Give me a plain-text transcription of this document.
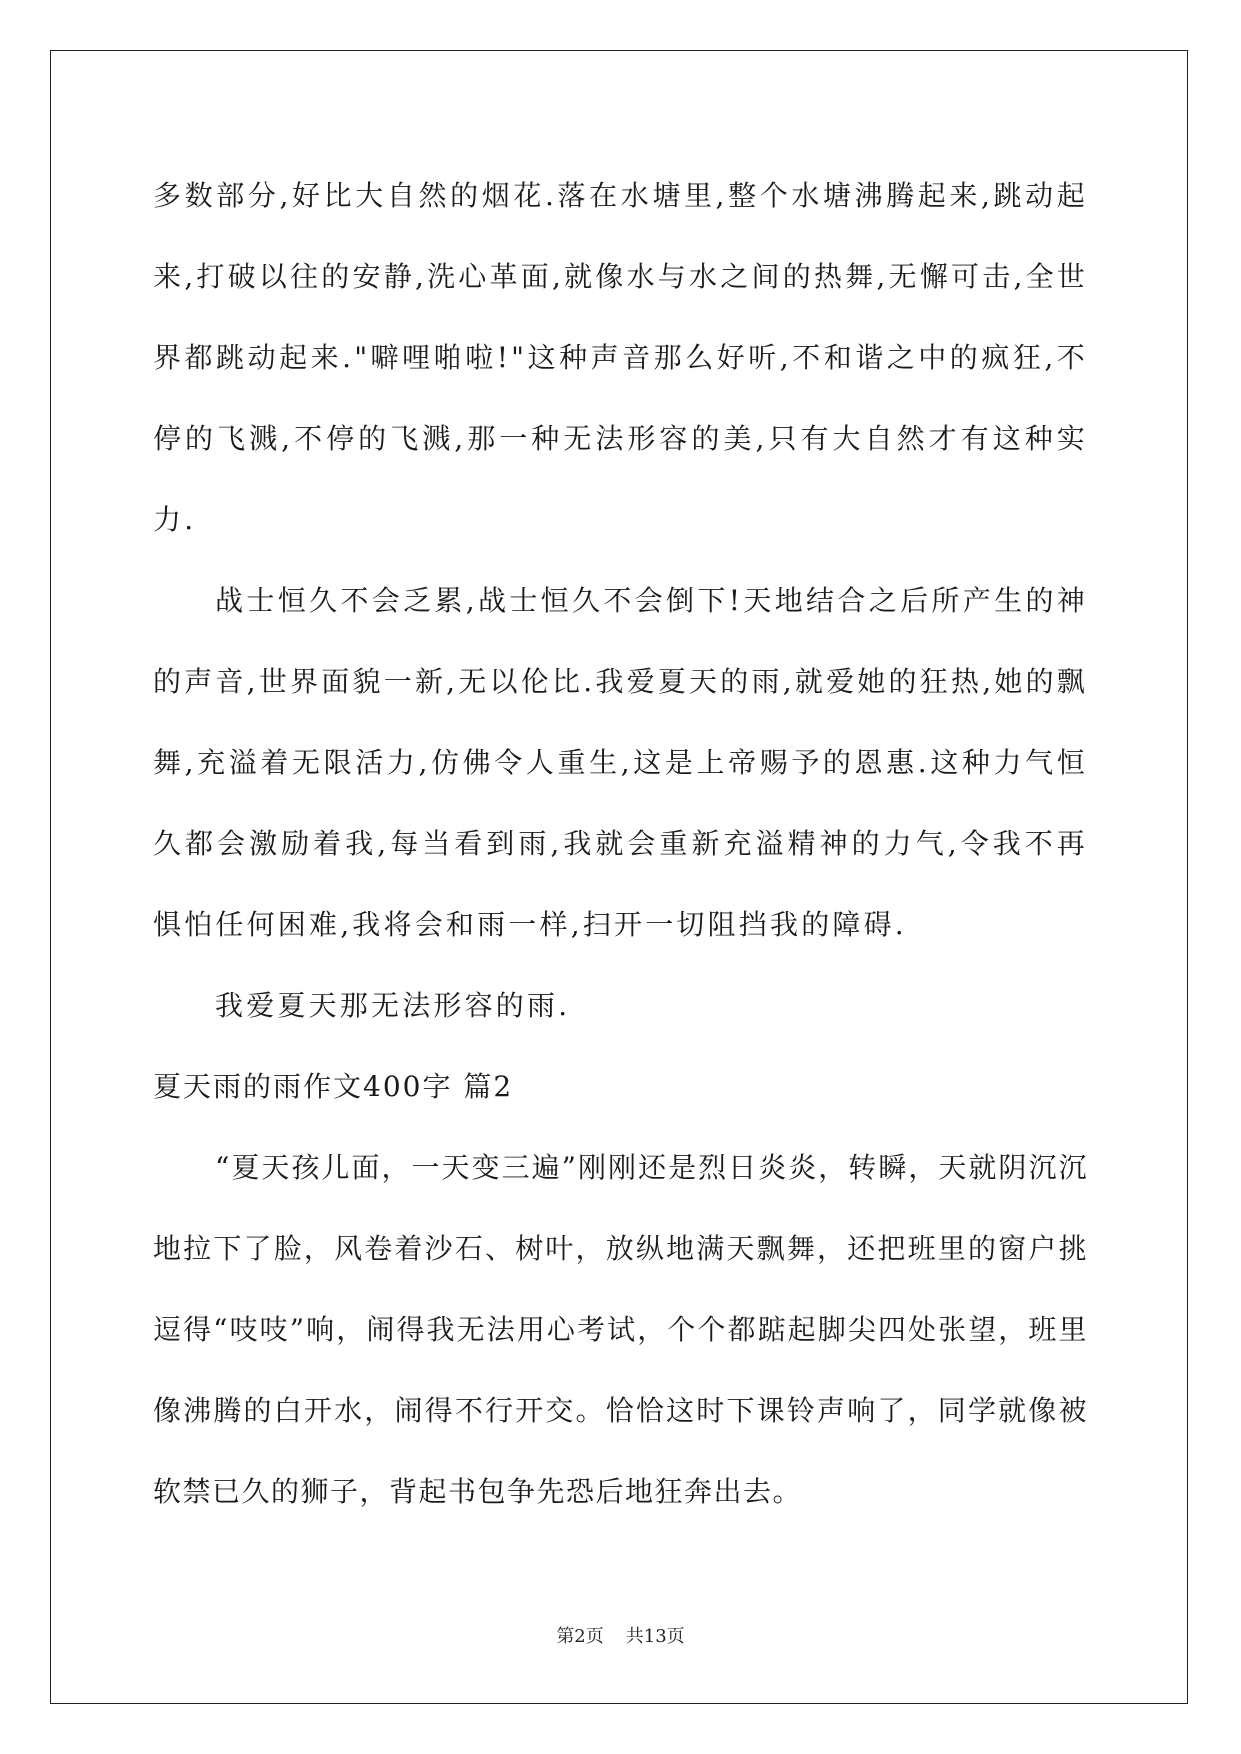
多数部分,好比大自然的烟花.落在水塘里,整个水塘沸腾起来,跳动起来,打破以往的安静,洗心革面,就像水与水之间的热舞,无懈可击,全世界都跳动起来."噼哩啪啦!"这种声音那么好听,不和谐之中的疯狂,不停的飞溅,不停的飞溅,那一种无法形容的美,只有大自然才有这种实力.

战士恒久不会乏累,战士恒久不会倒下!天地结合之后所产生的神的声音,世界面貌一新,无以伦比.我爱夏天的雨,就爱她的狂热,她的飘舞,充溢着无限活力,仿佛令人重生,这是上帝赐予的恩惠.这种力气恒久都会激励着我,每当看到雨,我就会重新充溢精神的力气,令我不再惧怕任何困难,我将会和雨一样,扫开一切阻挡我的障碍.

我爱夏天那无法形容的雨.

夏天雨的雨作文400字 篇2

“夏天孩儿面，一天变三遍”刚刚还是烈日炎炎，转瞬，天就阴沉沉地拉下了脸，风卷着沙石、树叶，放纵地满天飘舞，还把班里的窗户挑逗得“吱吱”响，闹得我无法用心考试，个个都踮起脚尖四处张望，班里像沸腾的白开水，闹得不行开交。恰恰这时下课铃声响了，同学就像被软禁已久的狮子，背起书包争先恐后地狂奔出去。

第2页 共13页
